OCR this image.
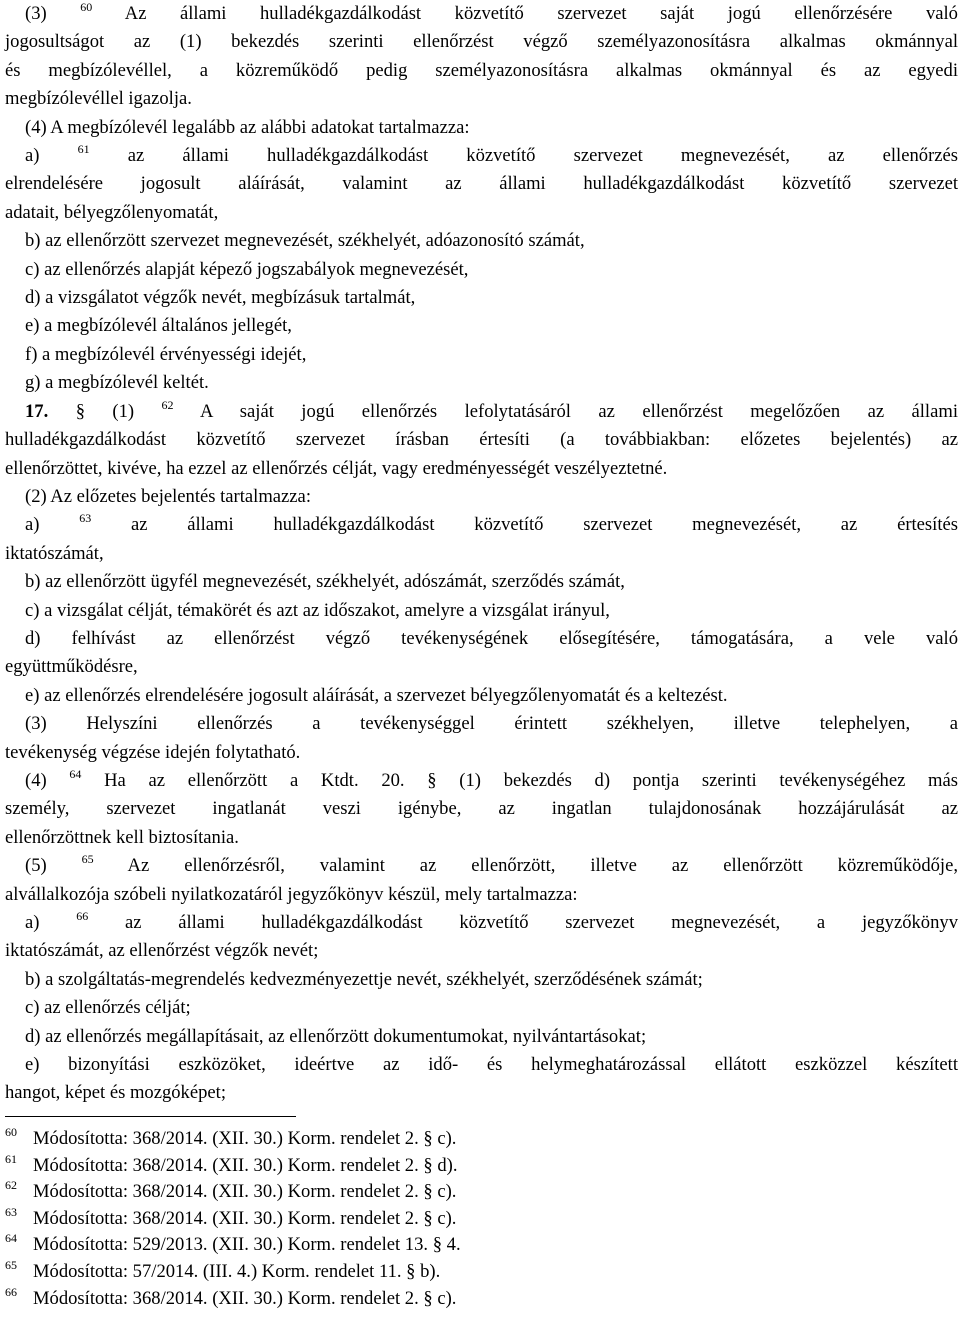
(3) $^{60}$ Az állami hulladékgazdálkodást közvetítő szervezet saját jogú ellenőrzésére való

jogosultságot az (1) bekezdés szerinti ellenőrzést végző személyazonosításra alkalmas okmánnyal

és megbízólevéllel, a közreműködő pedig személyazonosításra alkalmas okmánnyal és az egyedi

megbízólevéllel igazolja.

(4) A megbízólevél legalább az alábbi adatokat tartalmazza:

a) $^{61}$ az állami hulladékgazdálkodást közvetítő szervezet megnevezését, az ellenőrzés

elrendelésére jogosult aláírását, valamint az állami hulladékgazdálkodást közvetítő szervezet

adatait, bélyegzőlenyomatát,

b) az ellenőrzött szervezet megnevezését, székhelyét, adóazonosító számát,

c) az ellenőrzés alapját képező jogszabályok megnevezését,

d) a vizsgálatot végzők nevét, megbízásuk tartalmát,

e) a megbízólevél általános jellegét,

f) a megbízólevél érvényességi idejét,

g) a megbízólevél keltét.

17. § (1) $^{62}$ A saját jogú ellenőrzés lefolytatásáról az ellenőrzést megelőzően az állami

hulladékgazdálkodást közvetítő szervezet írásban értesíti (a továbbiakban: előzetes bejelentés) az

ellenőrzöttet, kivéve, ha ezzel az ellenőrzés célját, vagy eredményességét veszélyeztetné.

(2) Az előzetes bejelentés tartalmazza:

a) $^{63}$ az állami hulladékgazdálkodást közvetítő szervezet megnevezését, az értesítés

iktatószámát,

b) az ellenőrzött ügyfél megnevezését, székhelyét, adószámát, szerződés számát,

c) a vizsgálat célját, témakörét és azt az időszakot, amelyre a vizsgálat irányul,

d) felhívást az ellenőrzést végző tevékenységének elősegítésére, támogatására, a vele való

együttműködésre,

e) az ellenőrzés elrendelésére jogosult aláírását, a szervezet bélyegzőlenyomatát és a keltezést.

(3) Helyszíni ellenőrzés a tevékenységgel érintett székhelyen, illetve telephelyen, a

tevékenység végzése idején folytatható.

(4) $^{64}$ Ha az ellenőrzött a Ktdt. 20. § (1) bekezdés d) pontja szerinti tevékenységéhez más

személy, szervezet ingatlanát veszi igénybe, az ingatlan tulajdonosának hozzájárulását az

ellenőrzöttnek kell biztosítania.

(5) $^{65}$ Az ellenőrzésről, valamint az ellenőrzött, illetve az ellenőrzött közreműködője,

alvállalkozója szóbeli nyilatkozatáról jegyzőkönyv készül, mely tartalmazza:

a) $^{66}$ az állami hulladékgazdálkodást közvetítő szervezet megnevezését, a jegyzőkönyv

iktatószámát, az ellenőrzést végzők nevét;

b) a szolgáltatás-megrendelés kedvezményezettje nevét, székhelyét, szerződésének számát;

c) az ellenőrzés célját;

d) az ellenőrzés megállapításait, az ellenőrzött dokumentumokat, nyilvántartásokat;

e) bizonyítási eszközöket, ideértve az idő- és helymeghatározással ellátott eszközzel készített

hangot, képet és mozgóképet;

$^{60}$ Módosította: 368/2014. (XII. 30.) Korm. rendelet 2. § c).
$^{61}$ Módosította: 368/2014. (XII. 30.) Korm. rendelet 2. § d).
$^{62}$ Módosította: 368/2014. (XII. 30.) Korm. rendelet 2. § c).
$^{63}$ Módosította: 368/2014. (XII. 30.) Korm. rendelet 2. § c).
$^{64}$ Módosította: 529/2013. (XII. 30.) Korm. rendelet 13. § 4.
$^{65}$ Módosította: 57/2014. (III. 4.) Korm. rendelet 11. § b).
$^{66}$ Módosította: 368/2014. (XII. 30.) Korm. rendelet 2. § c).
